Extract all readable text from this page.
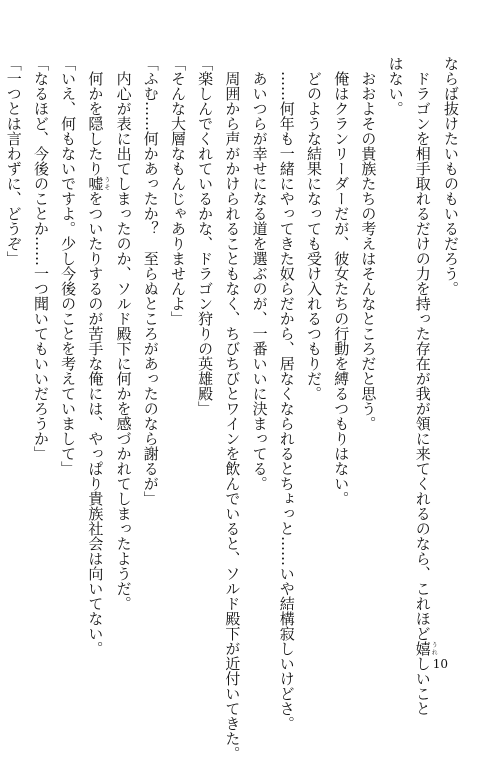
ならば抜けたいものもいるだろう。
　ドラゴンを相手取れるだけの力を持った存在が我が領に来てくれるのなら、これほど嬉うれしいこと
はない。
　おおよその貴族たちの考えはそんなところだと思う。
　俺はクランリーダーだが、彼女たちの行動を縛るつもりはない。
　どのような結果になっても受け入れるつもりだ。
　……何年も一緒にやってきた奴らだから、居なくなられるとちょっと……いや結構寂しいけどさ。
　あいつらが幸せになる道を選ぶのが、一番いいに決まってる。
　周囲から声がかけられることもなく、ちびちびとワインを飲んでいると、ソルド殿下が近付いてきた。
「楽しんでくれているかな、ドラゴン狩りの英雄殿」
「そんな大層なもんじゃありませんよ」
「ふむ……何かあったか？　至らぬところがあったのなら謝るが」
　内心が表に出てしまったのか、ソルド殿下に何かを感づかれてしまったようだ。
　何かを隠したり嘘うそをついたりするのが苦手な俺には、やっぱり貴族社会は向いてない。
「いえ、何もないですよ。少し今後のことを考えていまして」
「なるほど、今後のことか……一つ聞いてもいいだろうか」
「一つとは言わずに、どうぞ」
10
